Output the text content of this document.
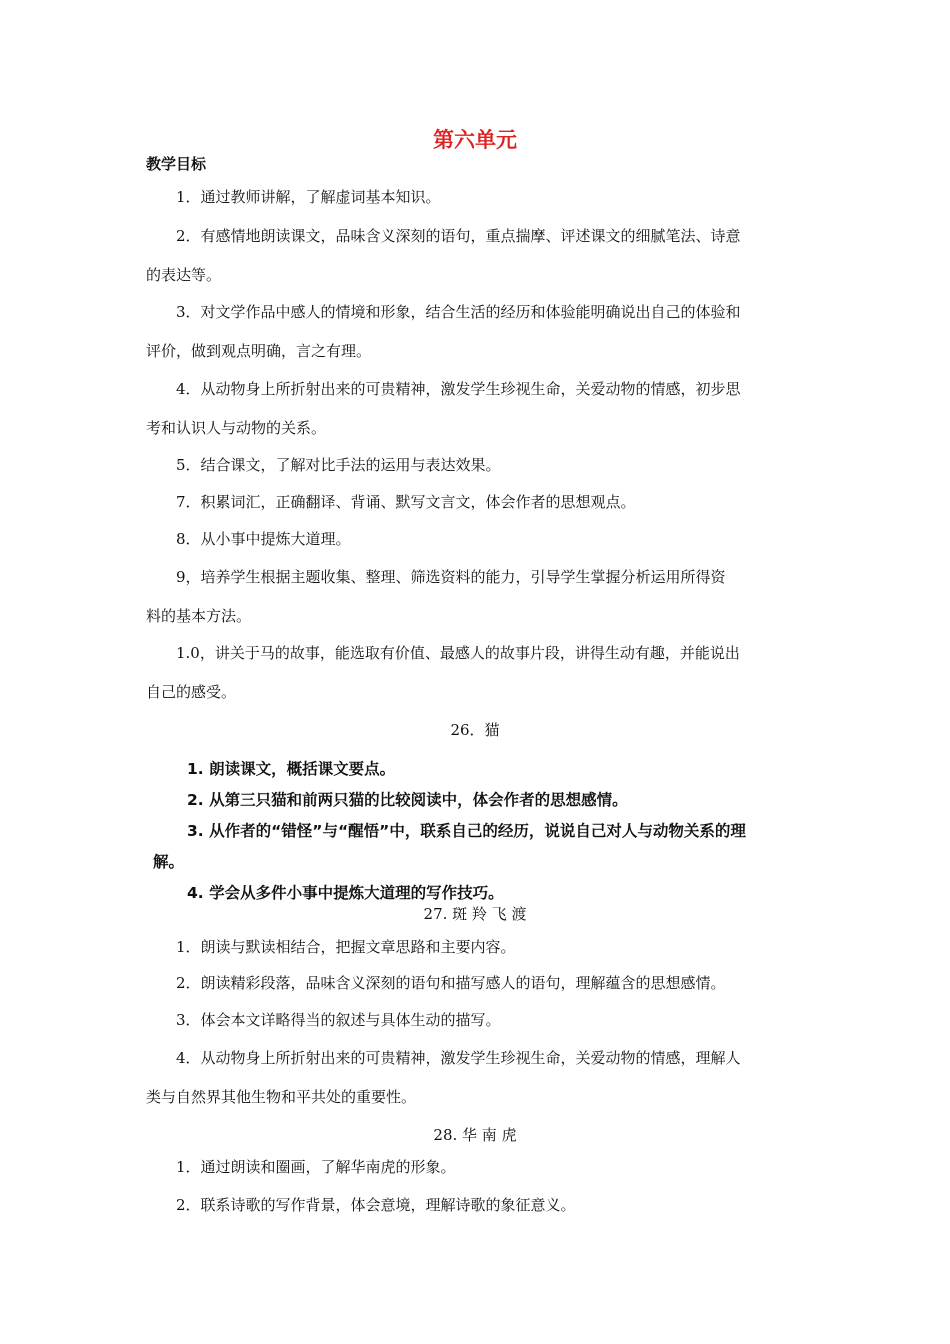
第六单元
教学目标
1．通过教师讲解，了解虚词基本知识。
2．有感情地朗读课文，品味含义深刻的语句，重点揣摩、评述课文的细腻笔法、诗意
的表达等。
3．对文学作品中感人的情境和形象，结合生活的经历和体验能明确说出自己的体验和
评价，做到观点明确，言之有理。
4．从动物身上所折射出来的可贵精神，激发学生珍视生命，关爱动物的情感，初步思
考和认识人与动物的关系。
5．结合课文，了解对比手法的运用与表达效果。
7．积累词汇，正确翻译、背诵、默写文言文，体会作者的思想观点。
8．从小事中提炼大道理。
9，培养学生根据主题收集、整理、筛选资料的能力，引导学生掌握分析运用所得资
料的基本方法。
1.0，讲关于马的故事，能选取有价值、最感人的故事片段，讲得生动有趣，并能说出
自己的感受。
26．猫
1. 朗读课文，概括课文要点。
2. 从第三只猫和前两只猫的比较阅读中，体会作者的思想感情。
3. 从作者的“错怪”与“醒悟”中，联系自己的经历，说说自己对人与动物关系的理
解。
4. 学会从多件小事中提炼大道理的写作技巧。
27. 斑 羚 飞 渡
1．朗读与默读相结合，把握文章思路和主要内容。
2．朗读精彩段落，品味含义深刻的语句和描写感人的语句，理解蕴含的思想感情。
3．体会本文详略得当的叙述与具体生动的描写。
4．从动物身上所折射出来的可贵精神，激发学生珍视生命，关爱动物的情感，理解人
类与自然界其他生物和平共处的重要性。
28. 华 南 虎
1．通过朗读和圈画，了解华南虎的形象。
2．联系诗歌的写作背景，体会意境，理解诗歌的象征意义。
